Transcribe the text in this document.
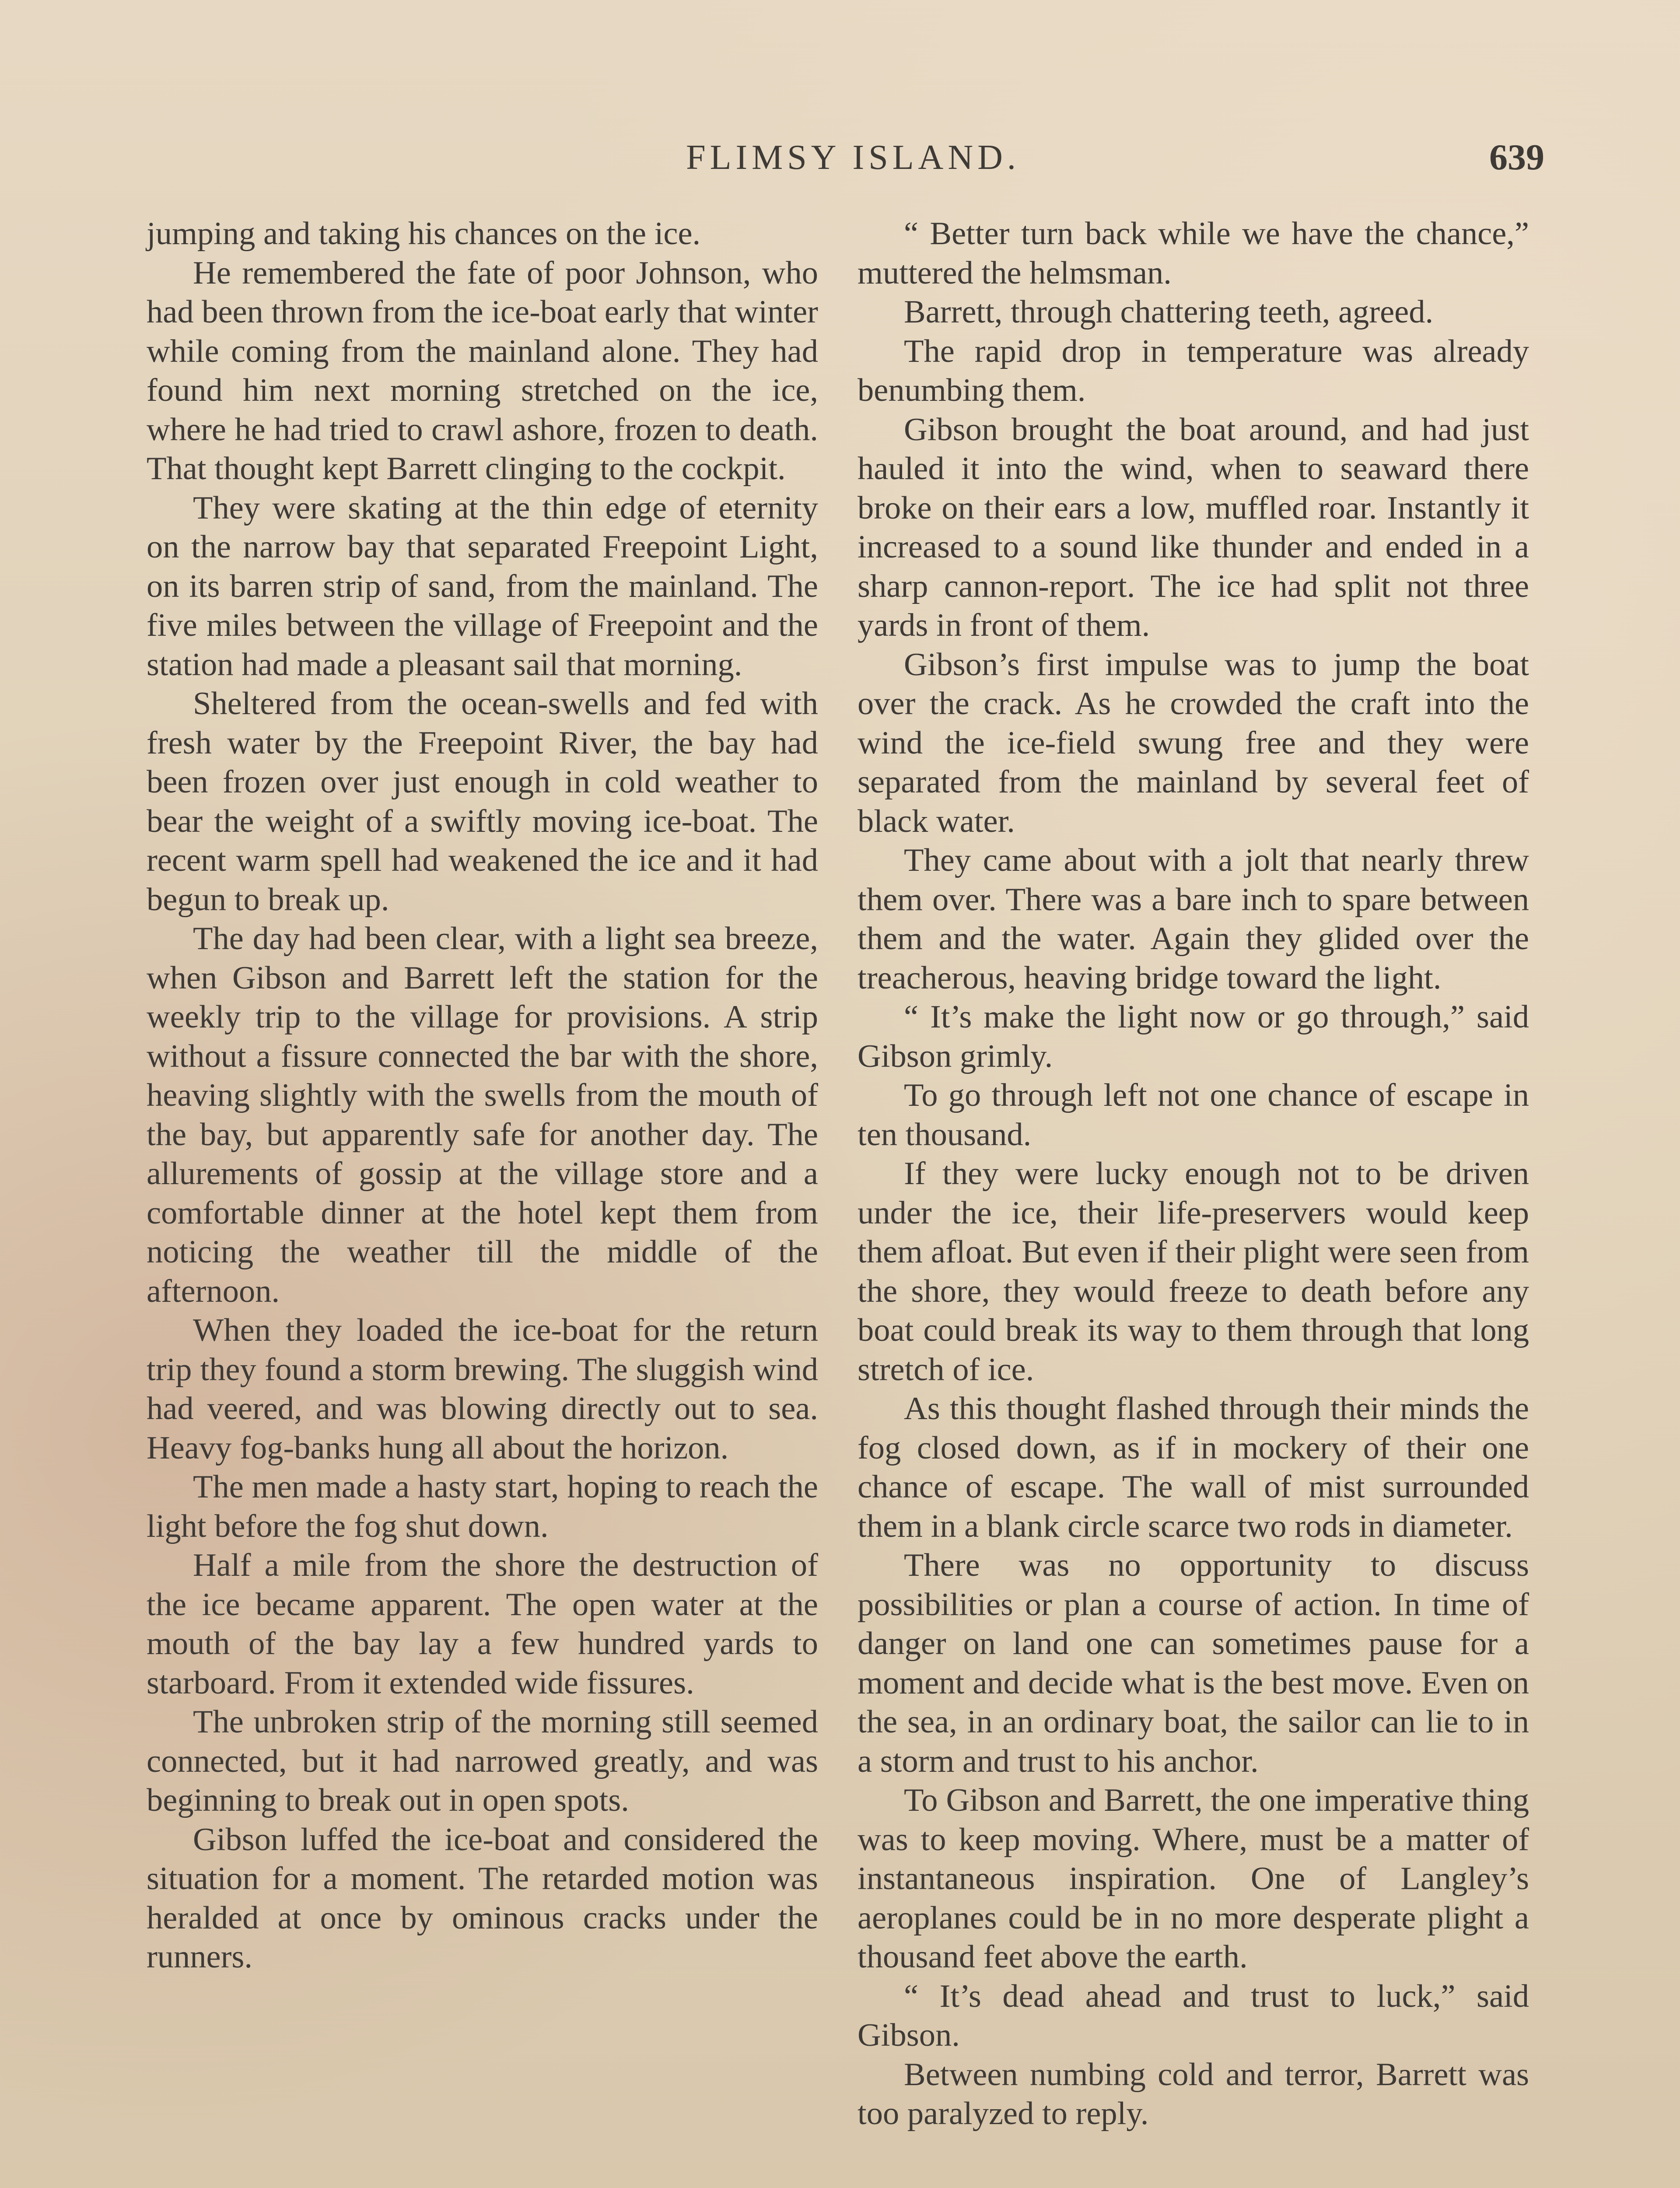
FLIMSY ISLAND.	639

jumping and taking his chances on the ice.

He remembered the fate of poor Johnson, who had been thrown from the ice-boat early that winter while coming from the mainland alone. They had found him next morning stretched on the ice, where he had tried to crawl ashore, frozen to death. That thought kept Barrett clinging to the cockpit.

They were skating at the thin edge of eternity on the narrow bay that separated Freepoint Light, on its barren strip of sand, from the mainland. The five miles between the village of Freepoint and the station had made a pleasant sail that morning.

Sheltered from the ocean-swells and fed with fresh water by the Freepoint River, the bay had been frozen over just enough in cold weather to bear the weight of a swiftly moving ice-boat. The recent warm spell had weakened the ice and it had begun to break up.

The day had been clear, with a light sea breeze, when Gibson and Barrett left the station for the weekly trip to the village for provisions. A strip without a fissure connected the bar with the shore, heaving slightly with the swells from the mouth of the bay, but apparently safe for another day. The allurements of gossip at the village store and a comfortable dinner at the hotel kept them from noticing the weather till the middle of the afternoon.

When they loaded the ice-boat for the return trip they found a storm brewing. The sluggish wind had veered, and was blowing directly out to sea. Heavy fog-banks hung all about the horizon.

The men made a hasty start, hoping to reach the light before the fog shut down.

Half a mile from the shore the destruction of the ice became apparent. The open water at the mouth of the bay lay a few hundred yards to starboard. From it extended wide fissures.

The unbroken strip of the morning still seemed connected, but it had narrowed greatly, and was beginning to break out in open spots.

Gibson luffed the ice-boat and considered the situation for a moment. The retarded motion was heralded at once by ominous cracks under the runners.

“ Better turn back while we have the chance,” muttered the helmsman.

Barrett, through chattering teeth, agreed.

The rapid drop in temperature was already benumbing them.

Gibson brought the boat around, and had just hauled it into the wind, when to seaward there broke on their ears a low, muffled roar. Instantly it increased to a sound like thunder and ended in a sharp cannon-report. The ice had split not three yards in front of them.

Gibson’s first impulse was to jump the boat over the crack. As he crowded the craft into the wind the ice-field swung free and they were separated from the mainland by several feet of black water.

They came about with a jolt that nearly threw them over. There was a bare inch to spare between them and the water. Again they glided over the treacherous, heaving bridge toward the light.

“ It’s make the light now or go through,” said Gibson grimly.

To go through left not one chance of escape in ten thousand.

If they were lucky enough not to be driven under the ice, their life-preservers would keep them afloat. But even if their plight were seen from the shore, they would freeze to death before any boat could break its way to them through that long stretch of ice.

As this thought flashed through their minds the fog closed down, as if in mockery of their one chance of escape. The wall of mist surrounded them in a blank circle scarce two rods in diameter.

There was no opportunity to discuss possibilities or plan a course of action. In time of danger on land one can sometimes pause for a moment and decide what is the best move. Even on the sea, in an ordinary boat, the sailor can lie to in a storm and trust to his anchor.

To Gibson and Barrett, the one imperative thing was to keep moving. Where, must be a matter of instantaneous inspiration. One of Langley’s aeroplanes could be in no more desperate plight a thousand feet above the earth.

“ It’s dead ahead and trust to luck,” said Gibson.

Between numbing cold and terror, Barrett was too paralyzed to reply.
